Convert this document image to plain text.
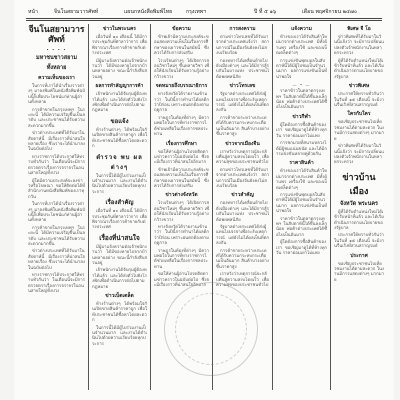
หน้า	จีนโนสยามวารศัพท์	แผนกหนังสือพิมพ์ไทย	กรุงเทพฯ	ปี ที่ ๕ ๑๖	เดือน พฤศจิกายน ๒๔๗๐
จีนโนสยามวารศัพท์
• • • •
มหาชนชาวสยาม
ทั้งหลาย
ความเห็นของเรา

ในการที่เราได้นำเรื่องราวต่างๆ มาลงพิมพ์ในหนังสือพิมพ์ฉบับนี้ก็เพื่อประโยชน์แก่ท่านผู้อ่านทั้งหลาย

การค้าขายในกรุงเทพฯ ในระยะนี้ ได้มีความเจริญขึ้นเป็นลำดับ และประชาชนได้รับความสะดวกมากขึ้น

ข่าวต่างประเทศที่ได้รับมาในสัปดาห์นี้ มีเรื่องราวที่น่าสนใจหลายเรื่อง ซึ่งเราจะได้นำมาลงในฉบับต่อไป

ทางราชการได้ประกาศให้ทราบทั่วกันว่า ในเดือนนี้จะมีการตรวจตราเรื่องการจราจรในถนนสายใหญ่ทั้งปวง

ผู้ใดมีความประสงค์จะลงข่าวหรือโฆษณา ขอให้ติดต่อได้ที่สำนักงานหนังสือพิมพ์ของเราทุกวัน

ในการที่เราได้นำเรื่องราวต่างๆ มาลงพิมพ์ในหนังสือพิมพ์ฉบับนี้ก็เพื่อประโยชน์แก่ท่านผู้อ่านทั้งหลาย

การค้าขายในกรุงเทพฯ ในระยะนี้ ได้มีความเจริญขึ้นเป็นลำดับ และประชาชนได้รับความสะดวกมากขึ้น

ข่าวต่างประเทศที่ได้รับมาในสัปดาห์นี้ มีเรื่องราวที่น่าสนใจหลายเรื่อง ซึ่งเราจะได้นำมาลงในฉบับต่อไป

ทางราชการได้ประกาศให้ทราบทั่วกันว่า ในเดือนนี้จะมีการตรวจตราเรื่องการจราจรในถนนสายใหญ่ทั้งปวง

ข่าวในพระนคร

เมื่อวันที่ ๑๐ เดือนนี้ ได้มีการประชุมกันที่ศาลาว่าการ เพื่อพิจารณาเรื่องการค้าขายกับต่างประเทศ

มีผู้มาแจ้งความต่อเจ้าพนักงานว่า ได้มีของหายไปจากบ้านหลายอย่าง ขณะนี้กำลังสืบสวนอยู่

ผลการทำสัญญาการค้า

เจ้าพนักงานได้จับกุมผู้ต้องหาได้แล้ว และได้ส่งตัวไปยังโรงพักเพื่อดำเนินการต่อไปตามกฎหมาย

ขอแจ้ง

ห้างร้านต่างๆ ได้พร้อมใจกันเปิดขายสินค้าราคาถูก เพื่อให้ประชาชนได้ซื้อหาโดยสะดวก

ตำรวจ พบ ผลต่างๆ

ในการนี้ได้มีผู้ไปร่วมงานเป็นจำนวนมาก และงานได้ดำเนินไปด้วยความเรียบร้อยทุกประการ

เรื่องสำคัญ

เมื่อวันที่ ๑๐ เดือนนี้ ได้มีการประชุมกันที่ศาลาว่าการ เพื่อพิจารณาเรื่องการค้าขายกับต่างประเทศ

เรื่องที่น่าสนใจ

มีผู้มาแจ้งความต่อเจ้าพนักงานว่า ได้มีของหายไปจากบ้านหลายอย่าง ขณะนี้กำลังสืบสวนอยู่

เจ้าพนักงานได้จับกุมผู้ต้องหาได้แล้ว และได้ส่งตัวไปยังโรงพักเพื่อดำเนินการต่อไปตามกฎหมาย

ข่าวเบ็ดเตล็ด

ห้างร้านต่างๆ ได้พร้อมใจกันเปิดขายสินค้าราคาถูก เพื่อให้ประชาชนได้ซื้อหาโดยสะดวก

ในการนี้ได้มีผู้ไปร่วมงานเป็นจำนวนมาก และงานได้ดำเนินไปด้วยความเรียบร้อยทุกประการ

ข้อความ

ข้าพเจ้ามีความประสงค์จะขอแสดงความเห็นในเรื่องการศึกษาของเยาวชนในสมัยนี้ ซึ่งควรได้รับการส่งเสริม

โรงเรียนต่างๆ ได้เปิดการสอนวิชาใหม่ๆ ขึ้นหลายวิชา เพื่อให้นักเรียนได้รับความรู้อย่างกว้างขวาง

จดหมายถึงบรรณาธิการ

ทางจังหวัดได้รายงานเข้ามาว่า ในปีนี้การทำนาได้ผลดีกว่าปีก่อน เพราะฝนตกต้องตามฤดูกาล

ราษฎรในท้องที่ต่างๆ มีความพอใจในการที่ทางราชการได้ช่วยเหลือในเรื่องการชลประทาน

เรื่องการศึกษา

ขอให้ท่านผู้อ่านโปรดติดตามข่าวคราวในฉบับต่อไป ซึ่งจะมีเรื่องราวที่น่าสนใจอีกมาก

ข้าพเจ้ามีความประสงค์จะขอแสดงความเห็นในเรื่องการศึกษาของเยาวชนในสมัยนี้ ซึ่งควรได้รับการส่งเสริม

ข่าวต่างจังหวัด

โรงเรียนต่างๆ ได้เปิดการสอนวิชาใหม่ๆ ขึ้นหลายวิชา เพื่อให้นักเรียนได้รับความรู้อย่างกว้างขวาง

ทางจังหวัดได้รายงานเข้ามาว่า ในปีนี้การทำนาได้ผลดีกว่าปีก่อน เพราะฝนตกต้องตามฤดูกาล

ราษฎรในท้องที่ต่างๆ มีความพอใจในการที่ทางราชการได้ช่วยเหลือในเรื่องการชลประทาน

ขอให้ท่านผู้อ่านโปรดติดตามข่าวคราวในฉบับต่อไป ซึ่งจะมีเรื่องราวที่น่าสนใจอีกมาก

การสงคราม

ตามข่าวโทรเลขที่ได้รับมาจากต่างประเทศแจ้งว่า สถานการณ์ในเมืองจีนยังคงไม่สงบเรียบร้อย

กองทหารได้เคลื่อนย้ายไปยังเมืองต่างๆ และได้มีการสู้รบกันในบางแห่ง ประชาชนได้อพยพหนีภัย

ข่าวโทรเลข

รัฐบาลต่างประเทศได้ส่งผู้แทนไปเจรจาเพื่อระงับเหตุการณ์ แต่ยังไม่ได้ผลเป็นที่ตกลงกัน

การค้าขายระหว่างประเทศได้รับความกระทบกระเทือนเป็นอันมาก สินค้าบางอย่างขึ้นราคาสูง

ข่าวจากเมืองจีน

เราหวังว่าเหตุการณ์จะกลับคืนสู่ความสงบโดยเร็ว เพื่อความสุขของประชาชนทั่วไป

ตามข่าวโทรเลขที่ได้รับมาจากต่างประเทศแจ้งว่า สถานการณ์ในเมืองจีนยังคงไม่สงบเรียบร้อย

ข่าวสำคัญ

กองทหารได้เคลื่อนย้ายไปยังเมืองต่างๆ และได้มีการสู้รบกันในบางแห่ง ประชาชนได้อพยพหนีภัย

รัฐบาลต่างประเทศได้ส่งผู้แทนไปเจรจาเพื่อระงับเหตุการณ์ แต่ยังไม่ได้ผลเป็นที่ตกลงกัน

การค้าขายระหว่างประเทศได้รับความกระทบกระเทือนเป็นอันมาก สินค้าบางอย่างขึ้นราคาสูง

เราหวังว่าเหตุการณ์จะกลับคืนสู่ความสงบโดยเร็ว เพื่อความสุขของประชาชนทั่วไป

แจ้งความ

ห้างของเราได้รับสินค้าใหม่มาจากต่างประเทศ มีทั้งผ้าแพร เครื่องใช้ และของเบ็ดเตล็ดต่างๆ

การแข่งขันฟุตบอลในสัปดาห์นี้ได้มีผู้ไปชมเป็นจำนวนมาก ผลการแข่งขันเป็นที่น่าพอใจ

— • —

ราคาข้าวในตลาดกรุงเทพฯ ในสัปดาห์นี้ได้ขึ้นลงเล็กน้อย พ่อค้าต่างประเทศได้ซื้อไปเป็นอันมาก

ข่าวกีฬา

ผู้ใดต้องการซื้อสินค้าของเรา ขอเชิญมาดูได้ที่ห้างทุกวัน ราคาย่อมเยาไม่แพง

การชกมวยที่สนามหลวงได้มีผู้ชมแน่นขนัด และได้มีการแข่งขันหลายคู่ด้วยกัน

ราคาสินค้า

ห้างของเราได้รับสินค้าใหม่มาจากต่างประเทศ มีทั้งผ้าแพร เครื่องใช้ และของเบ็ดเตล็ดต่างๆ

การแข่งขันฟุตบอลในสัปดาห์นี้ได้มีผู้ไปชมเป็นจำนวนมาก ผลการแข่งขันเป็นที่น่าพอใจ

ราคาข้าวในตลาดกรุงเทพฯ ในสัปดาห์นี้ได้ขึ้นลงเล็กน้อย พ่อค้าต่างประเทศได้ซื้อไปเป็นอันมาก

ผู้ใดต้องการซื้อสินค้าของเรา ขอเชิญมาดูได้ที่ห้างทุกวัน ราคาย่อมเยาไม่แพง

พิเศษ จี โอ

ข่าวพิเศษที่ได้รับมาในวันนี้แจ้งว่า จะมีการเปลี่ยนแปลงตัวเจ้าพนักงานในหลายกระทรวง

ผู้ที่ได้รับตำแหน่งใหม่ได้เข้ารับหน้าที่แล้ว และได้เริ่มดำเนินการตามนโยบายของรัฐบาล

ข่าวพิเศษ

ประกาศให้ทราบทั่วกันว่า ในวันที่ ๑๕ เดือนนี้ จะมีงานรื่นเริงที่สวนสราญรมย์

ใครกับใคร

ขอเชิญประชาชนไปเที่ยวชมงานได้ตามสะดวก ในงานมีการแสดงต่างๆ มากมาย

ข่าวพิเศษที่ได้รับมาในวันนี้แจ้งว่า จะมีการเปลี่ยนแปลงตัวเจ้าพนักงานในหลายกระทรวง

ข่าวบ้าน เมือง
จังหวัด พระนคร

ผู้ที่ได้รับตำแหน่งใหม่ได้เข้ารับหน้าที่แล้ว และได้เริ่มดำเนินการตามนโยบายของรัฐบาล

ประกาศให้ทราบทั่วกันว่า ในวันที่ ๑๕ เดือนนี้ จะมีงานรื่นเริงที่สวนสราญรมย์

ประกาศ

ขอเชิญประชาชนไปเที่ยวชมงานได้ตามสะดวก ในงานมีการแสดงต่างๆ มากมาย
